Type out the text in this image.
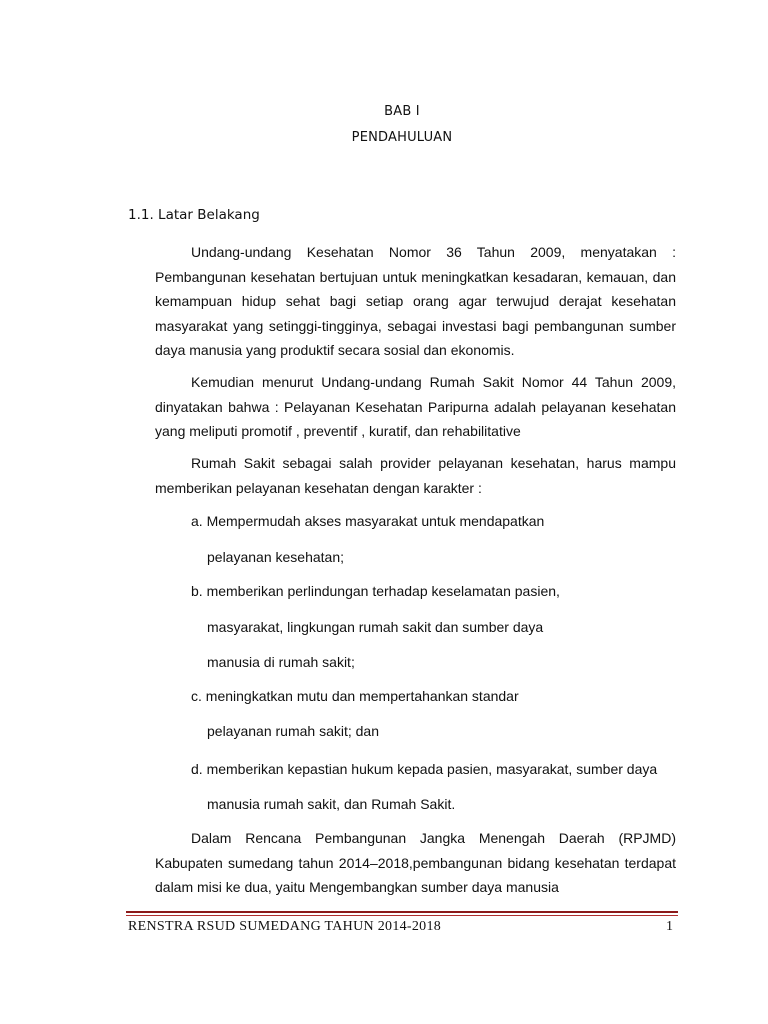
BAB I
PENDAHULUAN
1.1. Latar Belakang

Undang-undang Kesehatan Nomor 36 Tahun 2009, menyatakan : Pembangunan kesehatan bertujuan untuk meningkatkan kesadaran, kemauan, dan kemampuan hidup sehat bagi setiap orang agar terwujud derajat kesehatan masyarakat yang setinggi-tingginya, sebagai investasi bagi pembangunan sumber daya manusia yang produktif secara sosial dan ekonomis.

Kemudian menurut Undang-undang Rumah Sakit Nomor 44 Tahun 2009, dinyatakan bahwa : Pelayanan Kesehatan Paripurna adalah pelayanan kesehatan yang meliputi promotif , preventif , kuratif, dan rehabilitative

Rumah Sakit sebagai salah provider pelayanan kesehatan, harus mampu memberikan pelayanan kesehatan dengan karakter :

a. Mempermudah akses masyarakat untuk mendapatkan
pelayanan kesehatan;
b. memberikan perlindungan terhadap keselamatan pasien,
masyarakat, lingkungan rumah sakit dan sumber daya
manusia di rumah sakit;
c. meningkatkan mutu dan mempertahankan standar
pelayanan rumah sakit; dan
d. memberikan kepastian hukum kepada pasien, masyarakat, sumber daya
manusia rumah sakit, dan Rumah Sakit.

Dalam Rencana Pembangunan Jangka Menengah Daerah (RPJMD) Kabupaten sumedang tahun 2014–2018,pembangunan bidang kesehatan terdapat dalam misi ke dua, yaitu Mengembangkan sumber daya manusia

RENSTRA RSUD SUMEDANG TAHUN 2014-2018	1
